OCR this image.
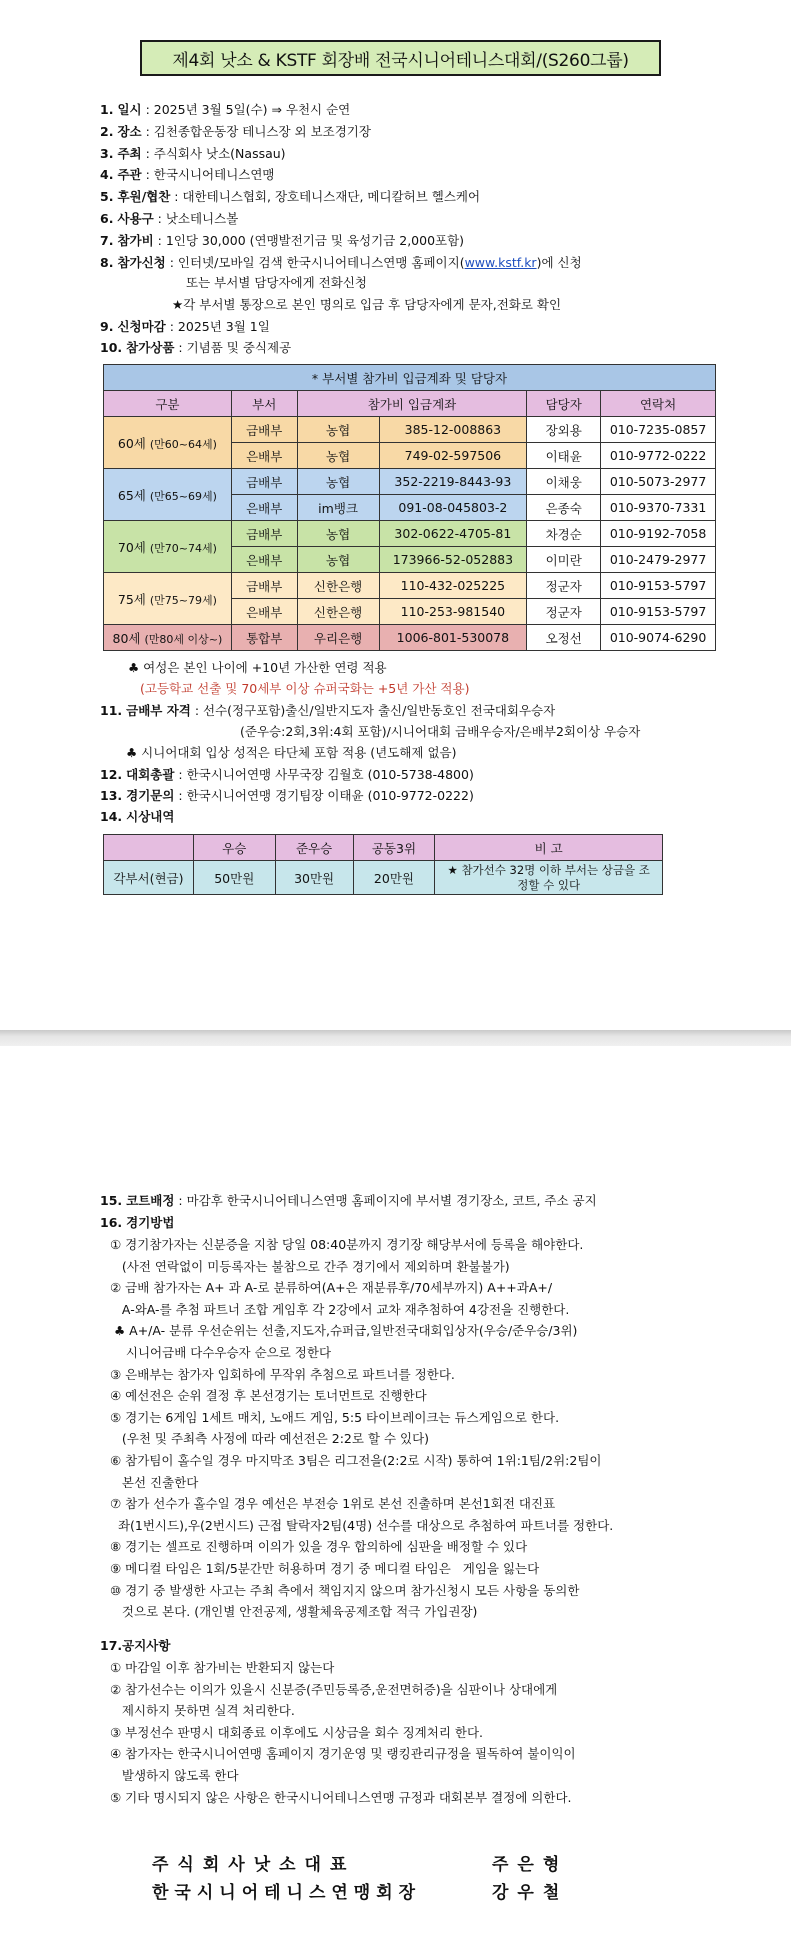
제4회 낫소 & KSTF 회장배 전국시니어테니스대회/(S260그룹)
1. 일시 : 2025년 3월 5일(수) ⇒ 우천시 순연
2. 장소 : 김천종합운동장 테니스장 외 보조경기장
3. 주최 : 주식회사 낫소(Nassau)
4. 주관 : 한국시니어테니스연맹
5. 후원/협찬 : 대한테니스협회, 장호테니스재단, 메디칼허브 헬스케어
6. 사용구 : 낫소테니스볼
7. 참가비 : 1인당 30,000 (연맹발전기금 및 육성기금 2,000포함)
8. 참가신청 : 인터넷/모바일 검색 한국시니어테니스연맹 홈페이지(www.kstf.kr)에 신청
또는 부서별 담당자에게 전화신청
★각 부서별 통장으로 본인 명의로 입금 후 담당자에게 문자,전화로 확인
9. 신청마감 : 2025년 3월 1일
10. 참가상품 : 기념품 및 중식제공
* 부서별 참가비 입금계좌 및 담당자					
구분	부서	참가비 입금계좌		담당자	연락처
60세 (만60~64세)	금배부	농협	385-12-008863	장외용	010-7235-0857
	은배부	농협	749-02-597506	이태윤	010-9772-0222
65세 (만65~69세)	금배부	농협	352-2219-8443-93	이채웅	010-5073-2977
	은배부	im뱅크	091-08-045803-2	은종숙	010-9370-7331
70세 (만70~74세)	금배부	농협	302-0622-4705-81	차경순	010-9192-7058
	은배부	농협	173966-52-052883	이미란	010-2479-2977
75세 (만75~79세)	금배부	신한은행	110-432-025225	정군자	010-9153-5797
	은배부	신한은행	110-253-981540	정군자	010-9153-5797
80세 (만80세 이상~)	통합부	우리은행	1006-801-530078	오정선	010-9074-6290
♣ 여성은 본인 나이에 +10년 가산한 연령 적용
(고등학교 선출 및 70세부 이상 슈퍼국화는 +5년 가산 적용)
11. 금배부 자격 : 선수(정구포함)출신/일반지도자 출신/일반동호인 전국대회우승자
(준우승:2회,3위:4회 포함)/시니어대회 금배우승자/은배부2회이상 우승자
♣ 시니어대회 입상 성적은 타단체 포함 적용 (년도해제 없음)
12. 대회총괄 : 한국시니어연맹 사무국장 김월호 (010-5738-4800)
13. 경기문의 : 한국시니어연맹 경기팀장 이태윤 (010-9772-0222)
14. 시상내역
	우승	준우승	공동3위	비 고
각부서(현금)	50만원	30만원	20만원	★ 참가선수 32명 이하 부서는 상금을 조정할 수 있다
15. 코트배정 : 마감후 한국시니어테니스연맹 홈페이지에 부서별 경기장소, 코트, 주소 공지
16. 경기방법
① 경기참가자는 신분증을 지참 당일 08:40분까지 경기장 해당부서에 등록을 해야한다.
(사전 연락없이 미등록자는 불참으로 간주 경기에서 제외하며 환불불가)
② 금배 참가자는 A+ 과 A-로 분류하여(A+은 재분류후/70세부까지) A++과A+/
A-와A-를 추첨 파트너 조합 게임후 각 2강에서 교차 재추첨하여 4강전을 진행한다.
♣ A+/A- 분류 우선순위는 선출,지도자,슈퍼급,일반전국대회입상자(우승/준우승/3위)
시니어금배 다수우승자 순으로 정한다
③ 은배부는 참가자 입회하에 무작위 추첨으로 파트너를 정한다.
④ 예선전은 순위 결정 후 본선경기는 토너먼트로 진행한다
⑤ 경기는 6게임 1세트 매치, 노애드 게임, 5:5 타이브레이크는 듀스게임으로 한다.
(우천 및 주최측 사정에 따라 예선전은 2:2로 할 수 있다)
⑥ 참가팀이 홀수일 경우 마지막조 3팀은 리그전을(2:2로 시작) 통하여 1위:1팀/2위:2팀이
본선 진출한다
⑦ 참가 선수가 홀수일 경우 예선은 부전승 1위로 본선 진출하며 본선1회전 대진표
좌(1번시드),우(2번시드) 근접 탈락자2팀(4명) 선수를 대상으로 추첨하여 파트너를 정한다.
⑧ 경기는 셀프로 진행하며 이의가 있을 경우 합의하에 심판을 배정할 수 있다
⑨ 메디컬 타임은 1회/5분간만 허용하며 경기 중 메디컬 타임은   게임을 잃는다
⑩ 경기 중 발생한 사고는 주최 측에서 책임지지 않으며 참가신청시 모든 사항을 동의한
것으로 본다. (개인별 안전공제, 생활체육공제조합 적극 가입권장)
17.공지사항
① 마감일 이후 참가비는 반환되지 않는다
② 참가선수는 이의가 있을시 신분증(주민등록증,운전면허증)을 심판이나 상대에게
제시하지 못하면 실격 처리한다.
③ 부정선수 판명시 대회종료 이후에도 시상금을 회수 징계처리 한다.
④ 참가자는 한국시니어연맹 홈페이지 경기운영 및 랭킹관리규정을 필독하여 불이익이
발생하지 않도록 한다
⑤ 기타 명시되지 않은 사항은 한국시니어테니스연맹 규정과 대회본부 결정에 의한다.
주식회사낫소대표	주은형
한국시니어테니스연맹회장	강우철
